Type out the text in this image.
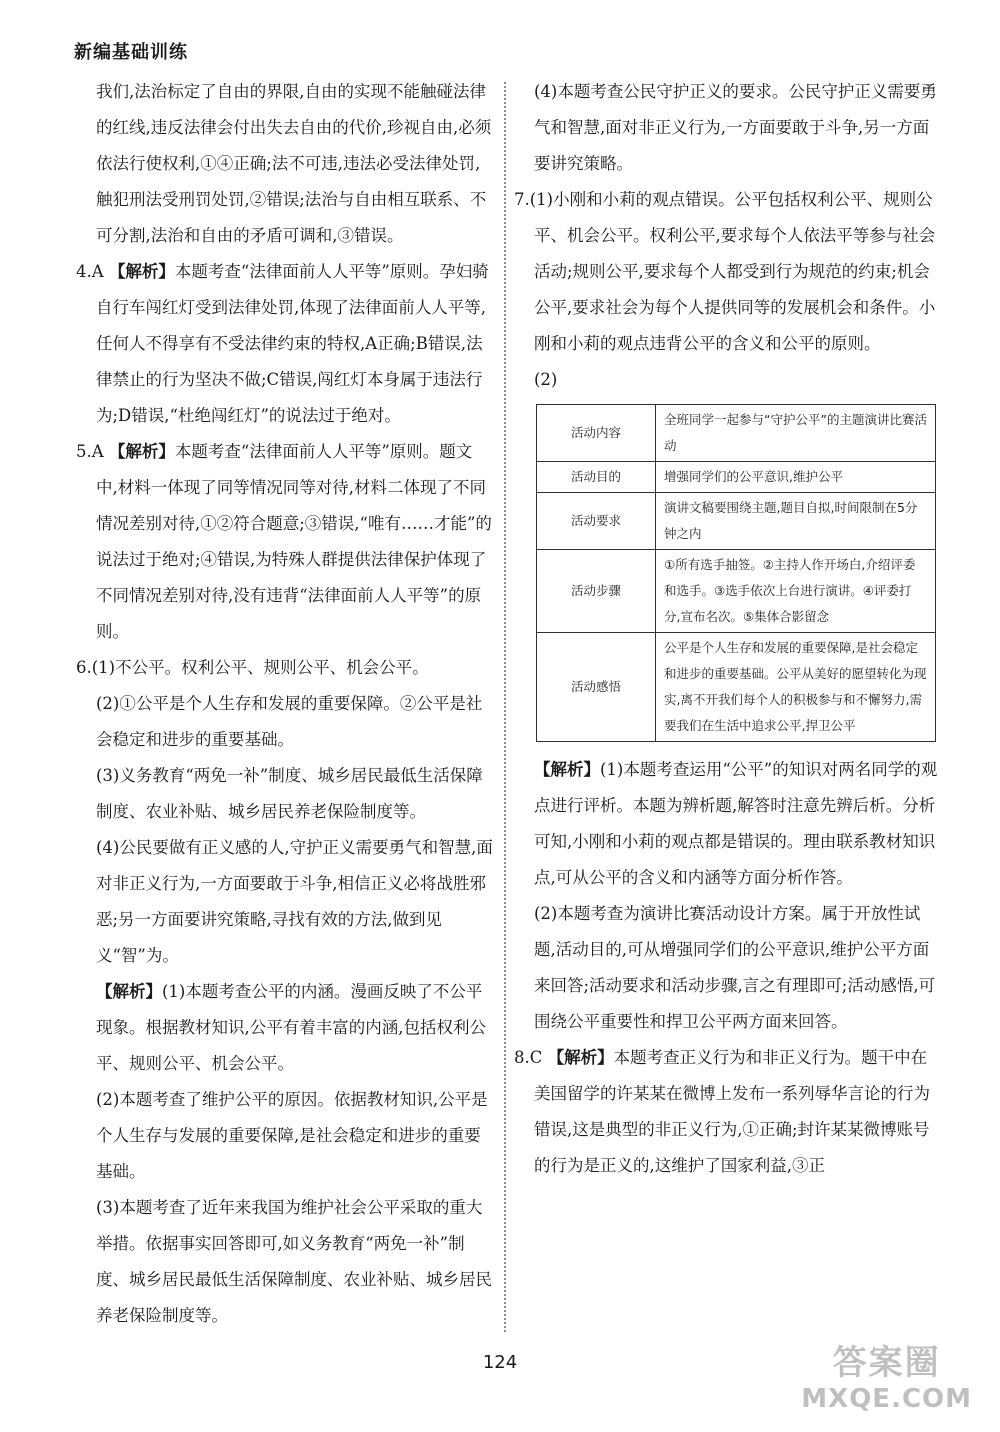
新编基础训练

我们,法治标定了自由的界限,自由的实现不能触碰法律的红线,违反法律会付出失去自由的代价,珍视自由,必须依法行使权利,①④正确;法不可违,违法必受法律处罚,触犯刑法受刑罚处罚,②错误;法治与自由相互联系、不可分割,法治和自由的矛盾可调和,③错误。

4.A 【解析】本题考查“法律面前人人平等”原则。孕妇骑自行车闯红灯受到法律处罚,体现了法律面前人人平等,任何人不得享有不受法律约束的特权,A正确;B错误,法律禁止的行为坚决不做;C错误,闯红灯本身属于违法行为;D错误,“杜绝闯红灯”的说法过于绝对。

5.A 【解析】本题考查“法律面前人人平等”原则。题文中,材料一体现了同等情况同等对待,材料二体现了不同情况差别对待,①②符合题意;③错误,“唯有……才能”的说法过于绝对;④错误,为特殊人群提供法律保护体现了不同情况差别对待,没有违背“法律面前人人平等”的原则。

6.(1)不公平。权利公平、规则公平、机会公平。

(2)①公平是个人生存和发展的重要保障。②公平是社会稳定和进步的重要基础。

(3)义务教育“两免一补”制度、城乡居民最低生活保障制度、农业补贴、城乡居民养老保险制度等。

(4)公民要做有正义感的人,守护正义需要勇气和智慧,面对非正义行为,一方面要敢于斗争,相信正义必将战胜邪恶;另一方面要讲究策略,寻找有效的方法,做到见义“智”为。

【解析】(1)本题考查公平的内涵。漫画反映了不公平现象。根据教材知识,公平有着丰富的内涵,包括权利公平、规则公平、机会公平。

(2)本题考查了维护公平的原因。依据教材知识,公平是个人生存与发展的重要保障,是社会稳定和进步的重要基础。

(3)本题考查了近年来我国为维护社会公平采取的重大举措。依据事实回答即可,如义务教育“两免一补”制度、城乡居民最低生活保障制度、农业补贴、城乡居民养老保险制度等。

(4)本题考查公民守护正义的要求。公民守护正义需要勇气和智慧,面对非正义行为,一方面要敢于斗争,另一方面要讲究策略。

7.(1)小刚和小莉的观点错误。公平包括权利公平、规则公平、机会公平。权利公平,要求每个人依法平等参与社会活动;规则公平,要求每个人都受到行为规范的约束;机会公平,要求社会为每个人提供同等的发展机会和条件。小刚和小莉的观点违背公平的含义和公平的原则。

(2)

活动内容	全班同学一起参与“守护公平”的主题演讲比赛活动
活动目的	增强同学们的公平意识,维护公平
活动要求	演讲文稿要围绕主题,题目自拟,时间限制在5分钟之内
活动步骤	①所有选手抽签。②主持人作开场白,介绍评委和选手。③选手依次上台进行演讲。④评委打分,宣布名次。⑤集体合影留念
活动感悟	公平是个人生存和发展的重要保障,是社会稳定和进步的重要基础。公平从美好的愿望转化为现实,离不开我们每个人的积极参与和不懈努力,需要我们在生活中追求公平,捍卫公平

【解析】(1)本题考查运用“公平”的知识对两名同学的观点进行评析。本题为辨析题,解答时注意先辨后析。分析可知,小刚和小莉的观点都是错误的。理由联系教材知识点,可从公平的含义和内涵等方面分析作答。

(2)本题考查为演讲比赛活动设计方案。属于开放性试题,活动目的,可从增强同学们的公平意识,维护公平方面来回答;活动要求和活动步骤,言之有理即可;活动感悟,可围绕公平重要性和捍卫公平两方面来回答。

8.C 【解析】本题考查正义行为和非正义行为。题干中在美国留学的许某某在微博上发布一系列辱华言论的行为错误,这是典型的非正义行为,①正确;封许某某微博账号的行为是正义的,这维护了国家利益,③正

124	答案圈
MXQE.COM
